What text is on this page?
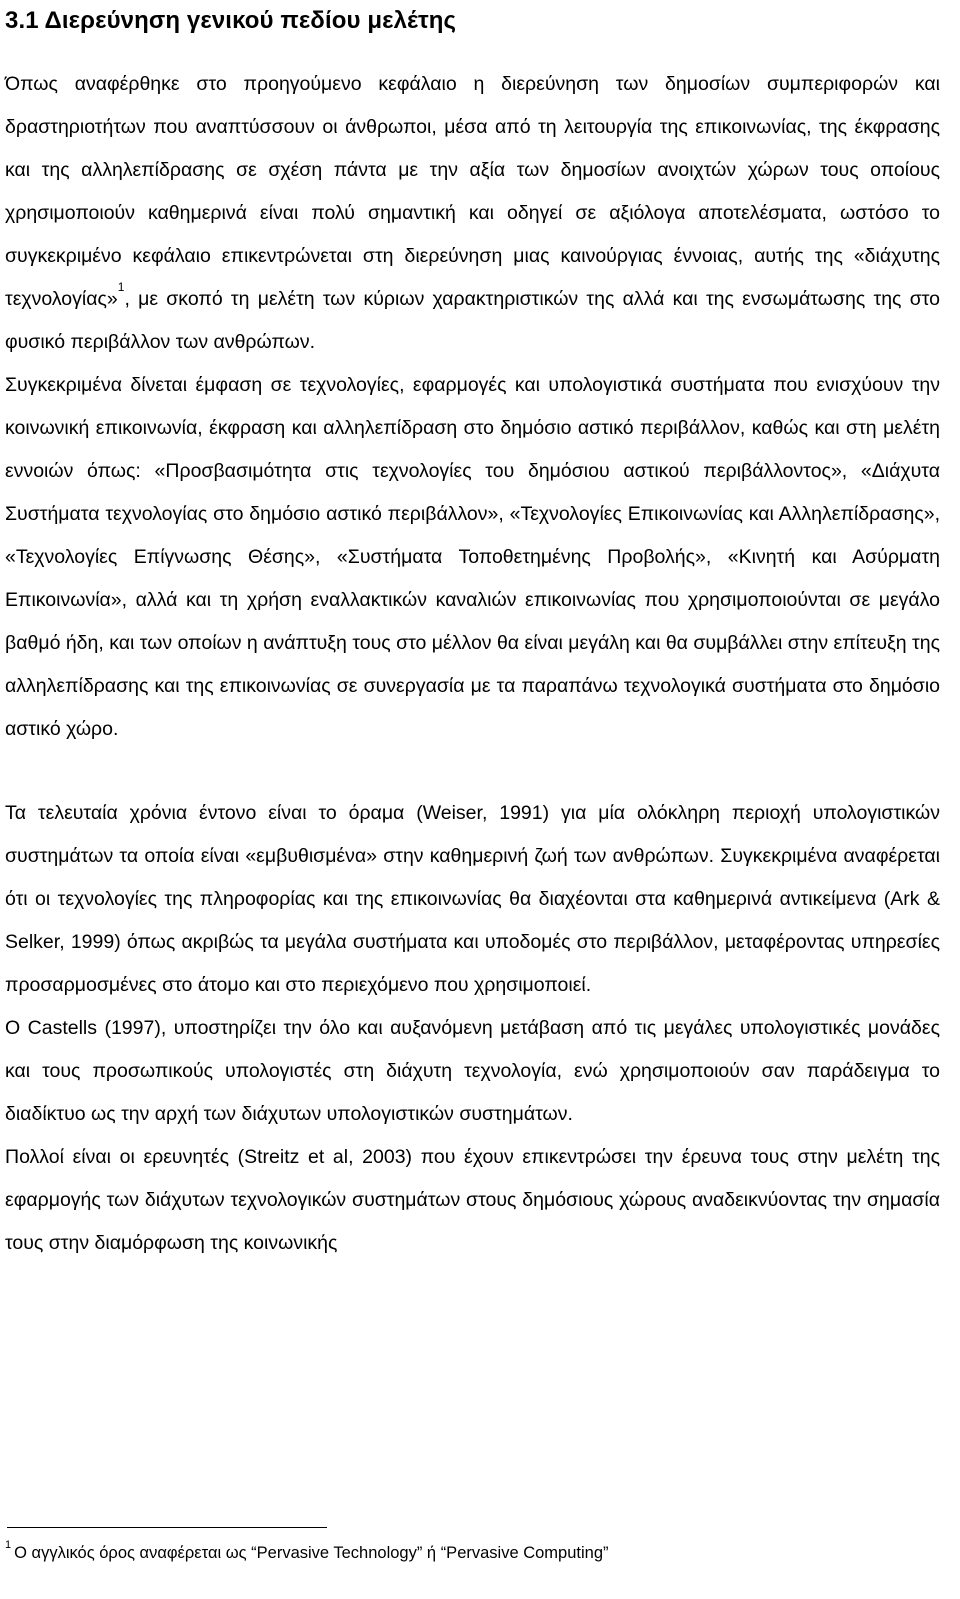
3.1 Διερεύνηση γενικού πεδίου μελέτης

Όπως αναφέρθηκε στο προηγούμενο κεφάλαιο η διερεύνηση των δημοσίων συμπεριφορών και δραστηριοτήτων που αναπτύσσουν οι άνθρωποι, μέσα από τη λειτουργία της επικοινωνίας, της έκφρασης και της αλληλεπίδρασης σε σχέση πάντα με την αξία των δημοσίων ανοιχτών χώρων τους οποίους χρησιμοποιούν καθημερινά είναι πολύ σημαντική και οδηγεί σε αξιόλογα αποτελέσματα, ωστόσο το συγκεκριμένο κεφάλαιο επικεντρώνεται στη διερεύνηση μιας καινούργιας έννοιας, αυτής της «διάχυτης τεχνολογίας»$^1$, με σκοπό τη μελέτη των κύριων χαρακτηριστικών της αλλά και της ενσωμάτωσης της στο φυσικό περιβάλλον των ανθρώπων.

Συγκεκριμένα δίνεται έμφαση σε τεχνολογίες, εφαρμογές και υπολογιστικά συστήματα που ενισχύουν την κοινωνική επικοινωνία, έκφραση και αλληλεπίδραση στο δημόσιο αστικό περιβάλλον, καθώς και στη μελέτη εννοιών όπως: «Προσβασιμότητα στις τεχνολογίες του δημόσιου αστικού περιβάλλοντος», «Διάχυτα Συστήματα τεχνολογίας στο δημόσιο αστικό περιβάλλον», «Τεχνολογίες Επικοινωνίας και Αλληλεπίδρασης», «Τεχνολογίες Επίγνωσης Θέσης», «Συστήματα Τοποθετημένης Προβολής», «Κινητή και Ασύρματη Επικοινωνία», αλλά και τη χρήση εναλλακτικών καναλιών επικοινωνίας που χρησιμοποιούνται σε μεγάλο βαθμό ήδη, και των οποίων η ανάπτυξη τους στο μέλλον θα είναι μεγάλη και θα συμβάλλει στην επίτευξη της αλληλεπίδρασης και της επικοινωνίας σε συνεργασία με τα παραπάνω τεχνολογικά συστήματα στο δημόσιο αστικό χώρο.

Τα τελευταία χρόνια έντονο είναι το όραμα (Weiser, 1991) για μία ολόκληρη περιοχή υπολογιστικών συστημάτων τα οποία είναι «εμβυθισμένα» στην καθημερινή ζωή των ανθρώπων. Συγκεκριμένα αναφέρεται ότι οι τεχνολογίες της πληροφορίας και της επικοινωνίας θα διαχέονται στα καθημερινά αντικείμενα (Ark & Selker, 1999) όπως ακριβώς τα μεγάλα συστήματα και υποδομές στο περιβάλλον, μεταφέροντας υπηρεσίες προσαρμοσμένες στο άτομο και στο περιεχόμενο που χρησιμοποιεί.

Ο Castells (1997), υποστηρίζει την όλο και αυξανόμενη μετάβαση από τις μεγάλες υπολογιστικές μονάδες και τους προσωπικούς υπολογιστές στη διάχυτη τεχνολογία, ενώ χρησιμοποιούν σαν παράδειγμα το διαδίκτυο ως την αρχή των διάχυτων υπολογιστικών συστημάτων.

Πολλοί είναι οι ερευνητές (Streitz et al, 2003) που έχουν επικεντρώσει την έρευνα τους στην μελέτη της εφαρμογής των διάχυτων τεχνολογικών συστημάτων στους δημόσιους χώρους αναδεικνύοντας την σημασία τους στην διαμόρφωση της κοινωνικής

$^1$ Ο αγγλικός όρος αναφέρεται ως “Pervasive Technology” ή “Pervasive Computing”
